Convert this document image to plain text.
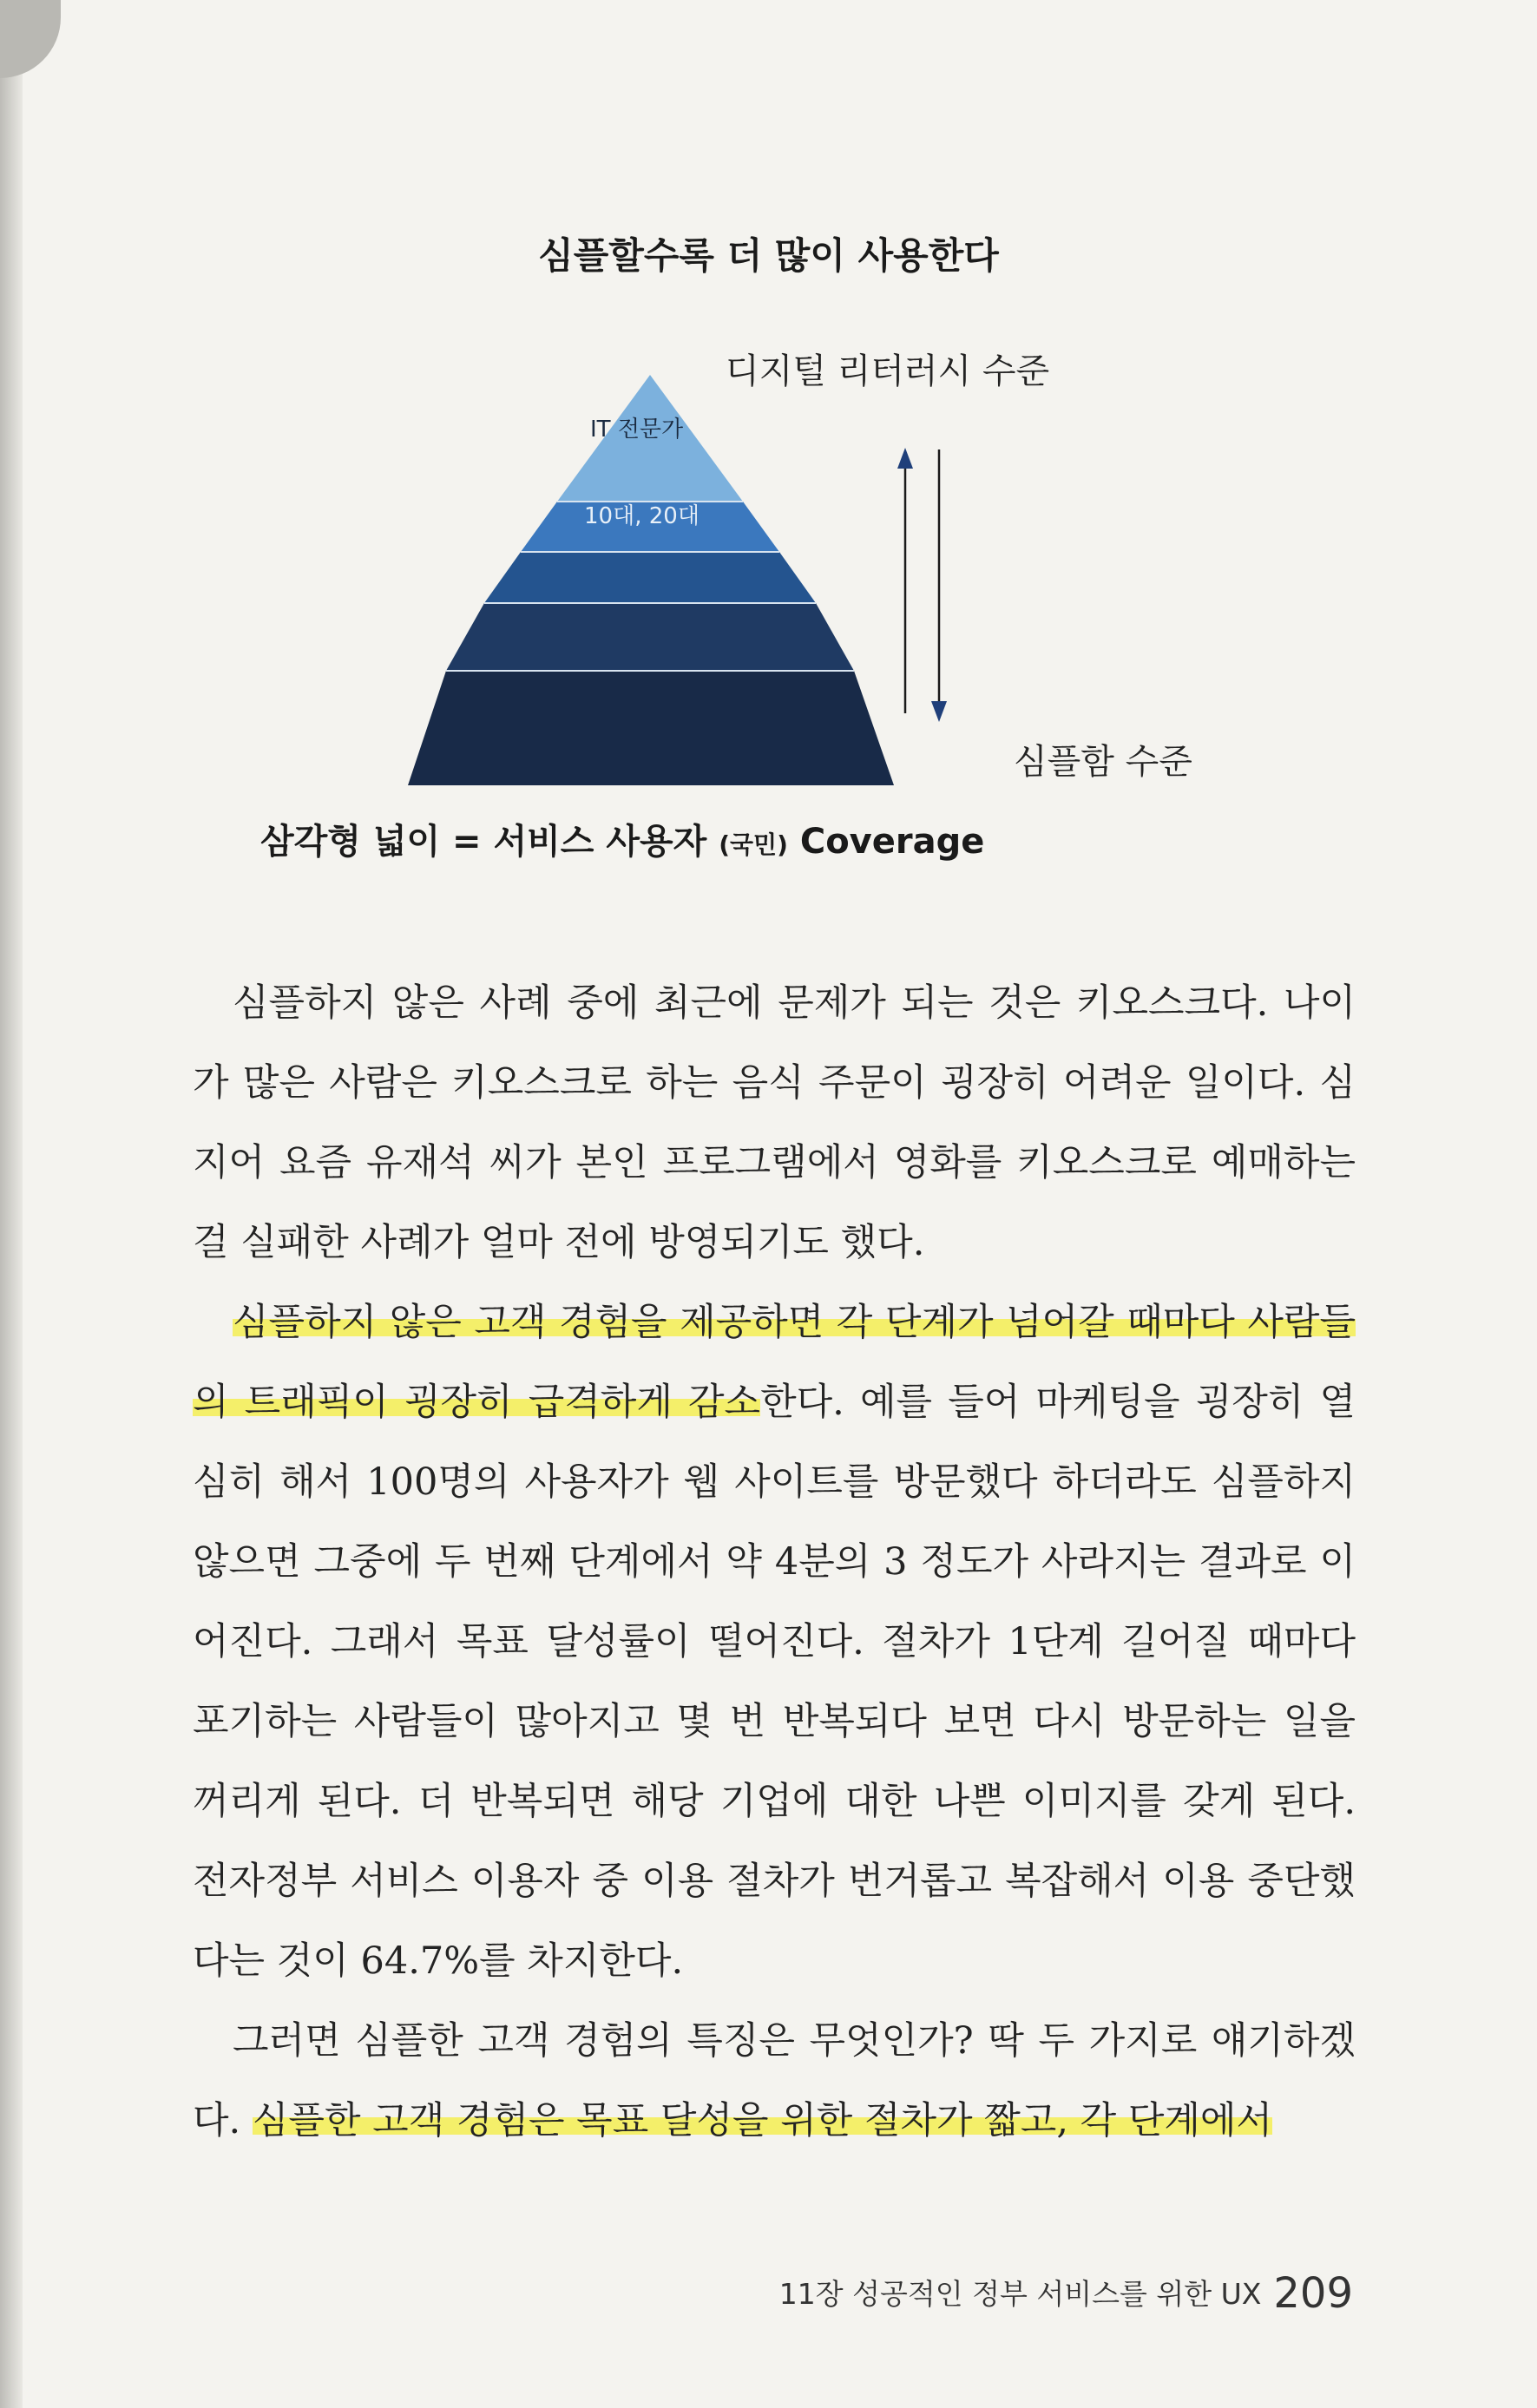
심플할수록 더 많이 사용한다
IT 전문가
10대, 20대
디지털 리터러시 수준
심플함 수준
삼각형 넓이 = 서비스 사용자 (국민) Coverage

심플하지 않은 사례 중에 최근에 문제가 되는 것은 키오스크다. 나이가 많은 사람은 키오스크로 하는 음식 주문이 굉장히 어려운 일이다. 심지어 요즘 유재석 씨가 본인 프로그램에서 영화를 키오스크로 예매하는 걸 실패한 사례가 얼마 전에 방영되기도 했다.

심플하지 않은 고객 경험을 제공하면 각 단계가 넘어갈 때마다 사람들의 트래픽이 굉장히 급격하게 감소한다. 예를 들어 마케팅을 굉장히 열심히 해서 100명의 사용자가 웹 사이트를 방문했다 하더라도 심플하지 않으면 그중에 두 번째 단계에서 약 4분의 3 정도가 사라지는 결과로 이어진다. 그래서 목표 달성률이 떨어진다. 절차가 1단계 길어질 때마다 포기하는 사람들이 많아지고 몇 번 반복되다 보면 다시 방문하는 일을 꺼리게 된다. 더 반복되면 해당 기업에 대한 나쁜 이미지를 갖게 된다. 전자정부 서비스 이용자 중 이용 절차가 번거롭고 복잡해서 이용 중단했다는 것이 64.7%를 차지한다.

그러면 심플한 고객 경험의 특징은 무엇인가? 딱 두 가지로 얘기하겠다. 심플한 고객 경험은 목표 달성을 위한 절차가 짧고, 각 단계에서

11장 성공적인 정부 서비스를 위한 UX 209
